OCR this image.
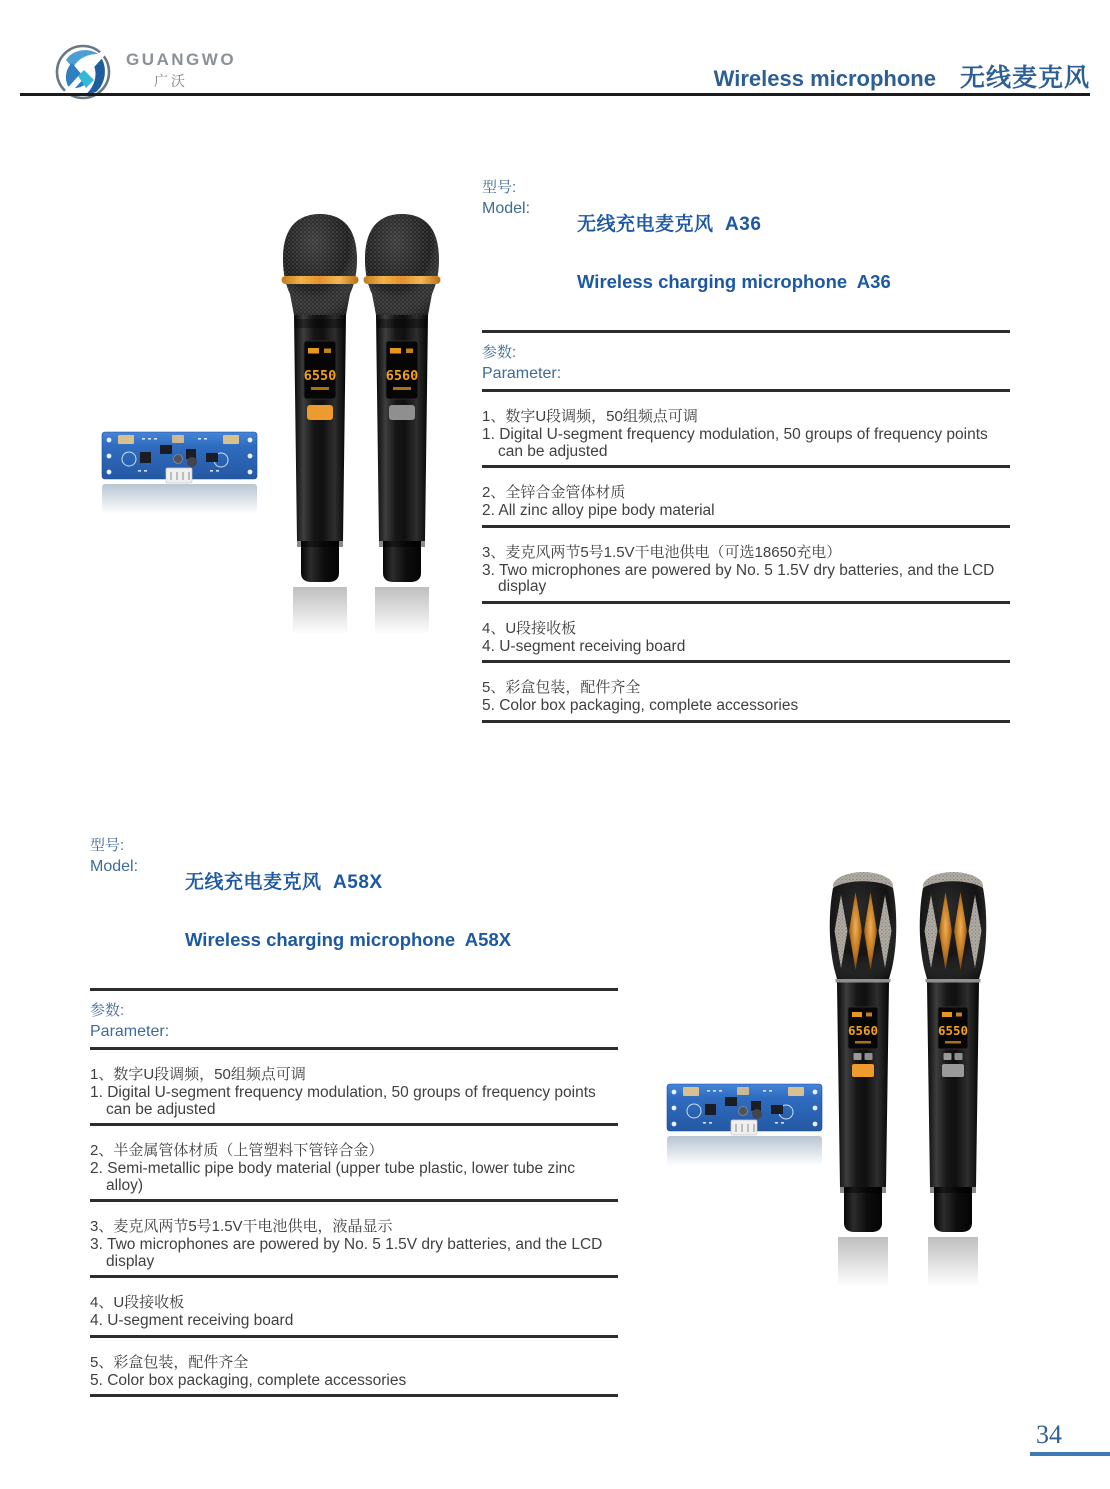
GUANGWO
广沃	Wireless microphone 无线麦克风
6550	6560
型号:
Model:

无线充电麦克风  A36

Wireless charging microphone  A36

参数:
Parameter:
1、数字U段调频，50组频点可调
1. Digital U-segment frequency modulation, 50 groups of frequency points can be adjusted
2、全锌合金管体材质
2. All zinc alloy pipe body material
3、麦克风两节5号1.5V干电池供电（可选18650充电）
3. Two microphones are powered by No. 5 1.5V dry batteries, and the LCD display
4、U段接收板
4. U-segment receiving board
5、彩盒包装，配件齐全
5. Color box packaging, complete accessories
型号:
Model:

无线充电麦克风  A58X

Wireless charging microphone  A58X

参数:
Parameter:
1、数字U段调频，50组频点可调
1. Digital U-segment frequency modulation, 50 groups of frequency points can be adjusted
2、半金属管体材质（上管塑料下管锌合金）
2. Semi-metallic pipe body material (upper tube plastic, lower tube zinc alloy)
3、麦克风两节5号1.5V干电池供电，液晶显示
3. Two microphones are powered by No. 5 1.5V dry batteries, and the LCD display
4、U段接收板
4. U-segment receiving board
5、彩盒包装，配件齐全
5. Color box packaging, complete accessories
6560	6550
34
